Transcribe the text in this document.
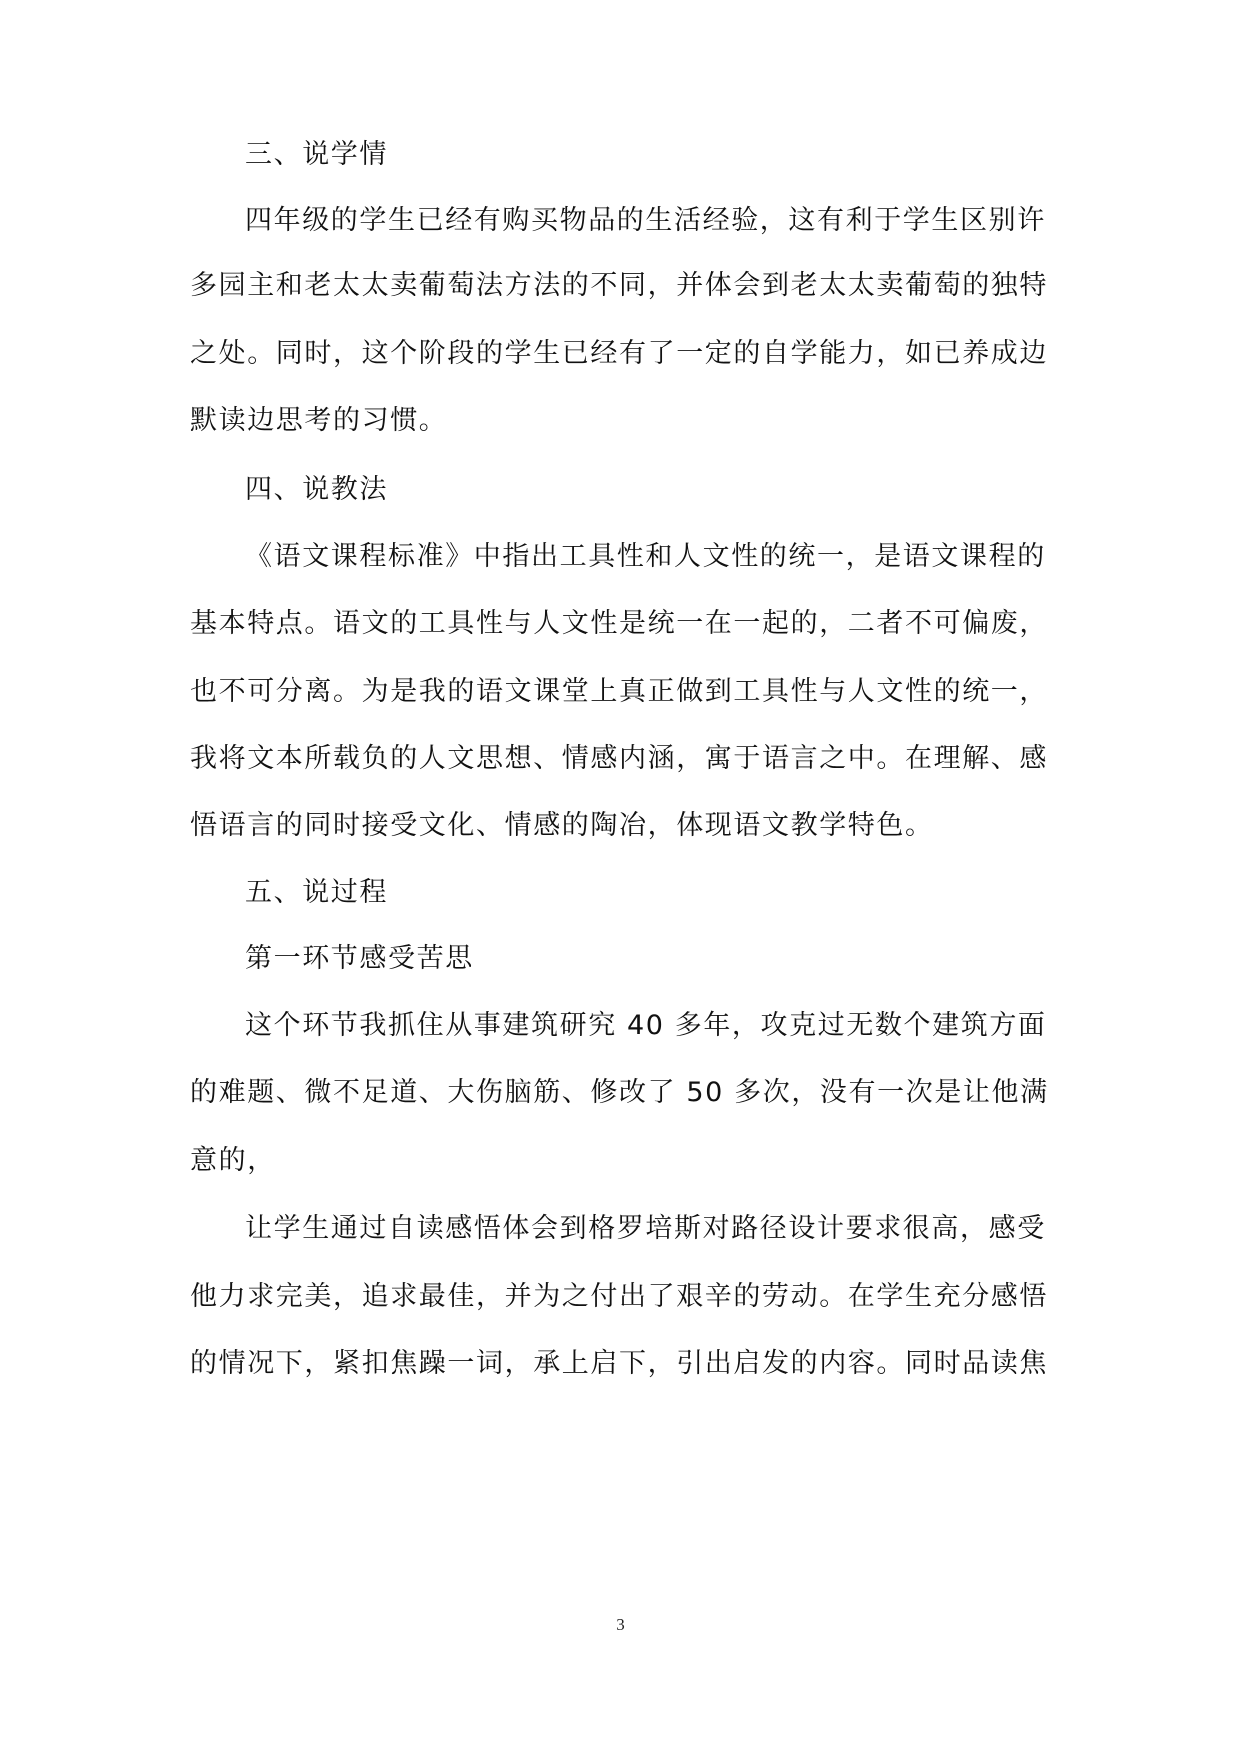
三、说学情
四年级的学生已经有购买物品的生活经验，这有利于学生区别许
多园主和老太太卖葡萄法方法的不同，并体会到老太太卖葡萄的独特
之处。同时，这个阶段的学生已经有了一定的自学能力，如已养成边
默读边思考的习惯。
四、说教法
《语文课程标准》中指出工具性和人文性的统一，是语文课程的
基本特点。语文的工具性与人文性是统一在一起的，二者不可偏废，
也不可分离。为是我的语文课堂上真正做到工具性与人文性的统一，
我将文本所载负的人文思想、情感内涵，寓于语言之中。在理解、感
悟语言的同时接受文化、情感的陶冶，体现语文教学特色。
五、说过程
第一环节感受苦思
这个环节我抓住从事建筑研究 40 多年，攻克过无数个建筑方面
的难题、微不足道、大伤脑筋、修改了 50 多次，没有一次是让他满
意的，
让学生通过自读感悟体会到格罗培斯对路径设计要求很高，感受
他力求完美，追求最佳，并为之付出了艰辛的劳动。在学生充分感悟
的情况下，紧扣焦躁一词，承上启下，引出启发的内容。同时品读焦
3
